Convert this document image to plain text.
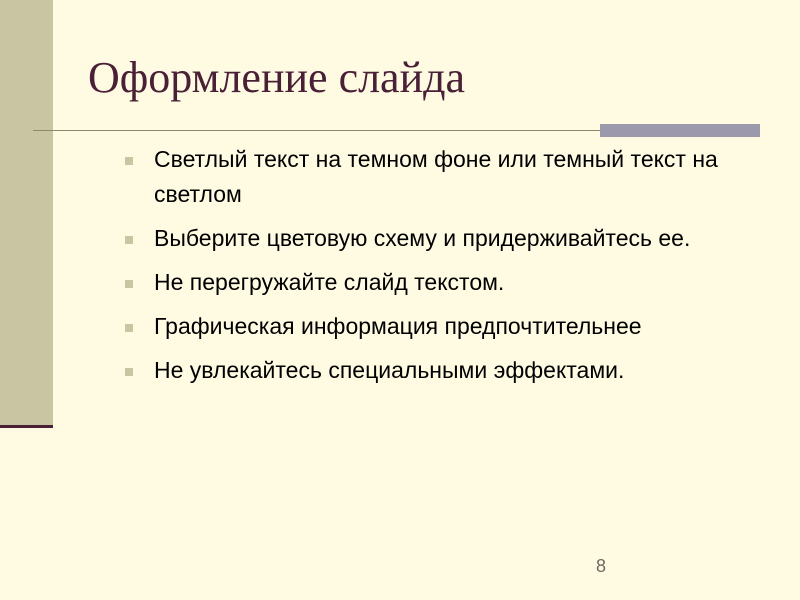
Оформление слайда
Светлый текст на темном фоне или темный текст на светлом
Выберите цветовую схему и придерживайтесь ее.
Не перегружайте слайд текстом.
Графическая информация предпочтительнее
Не увлекайтесь специальными эффектами.
8
